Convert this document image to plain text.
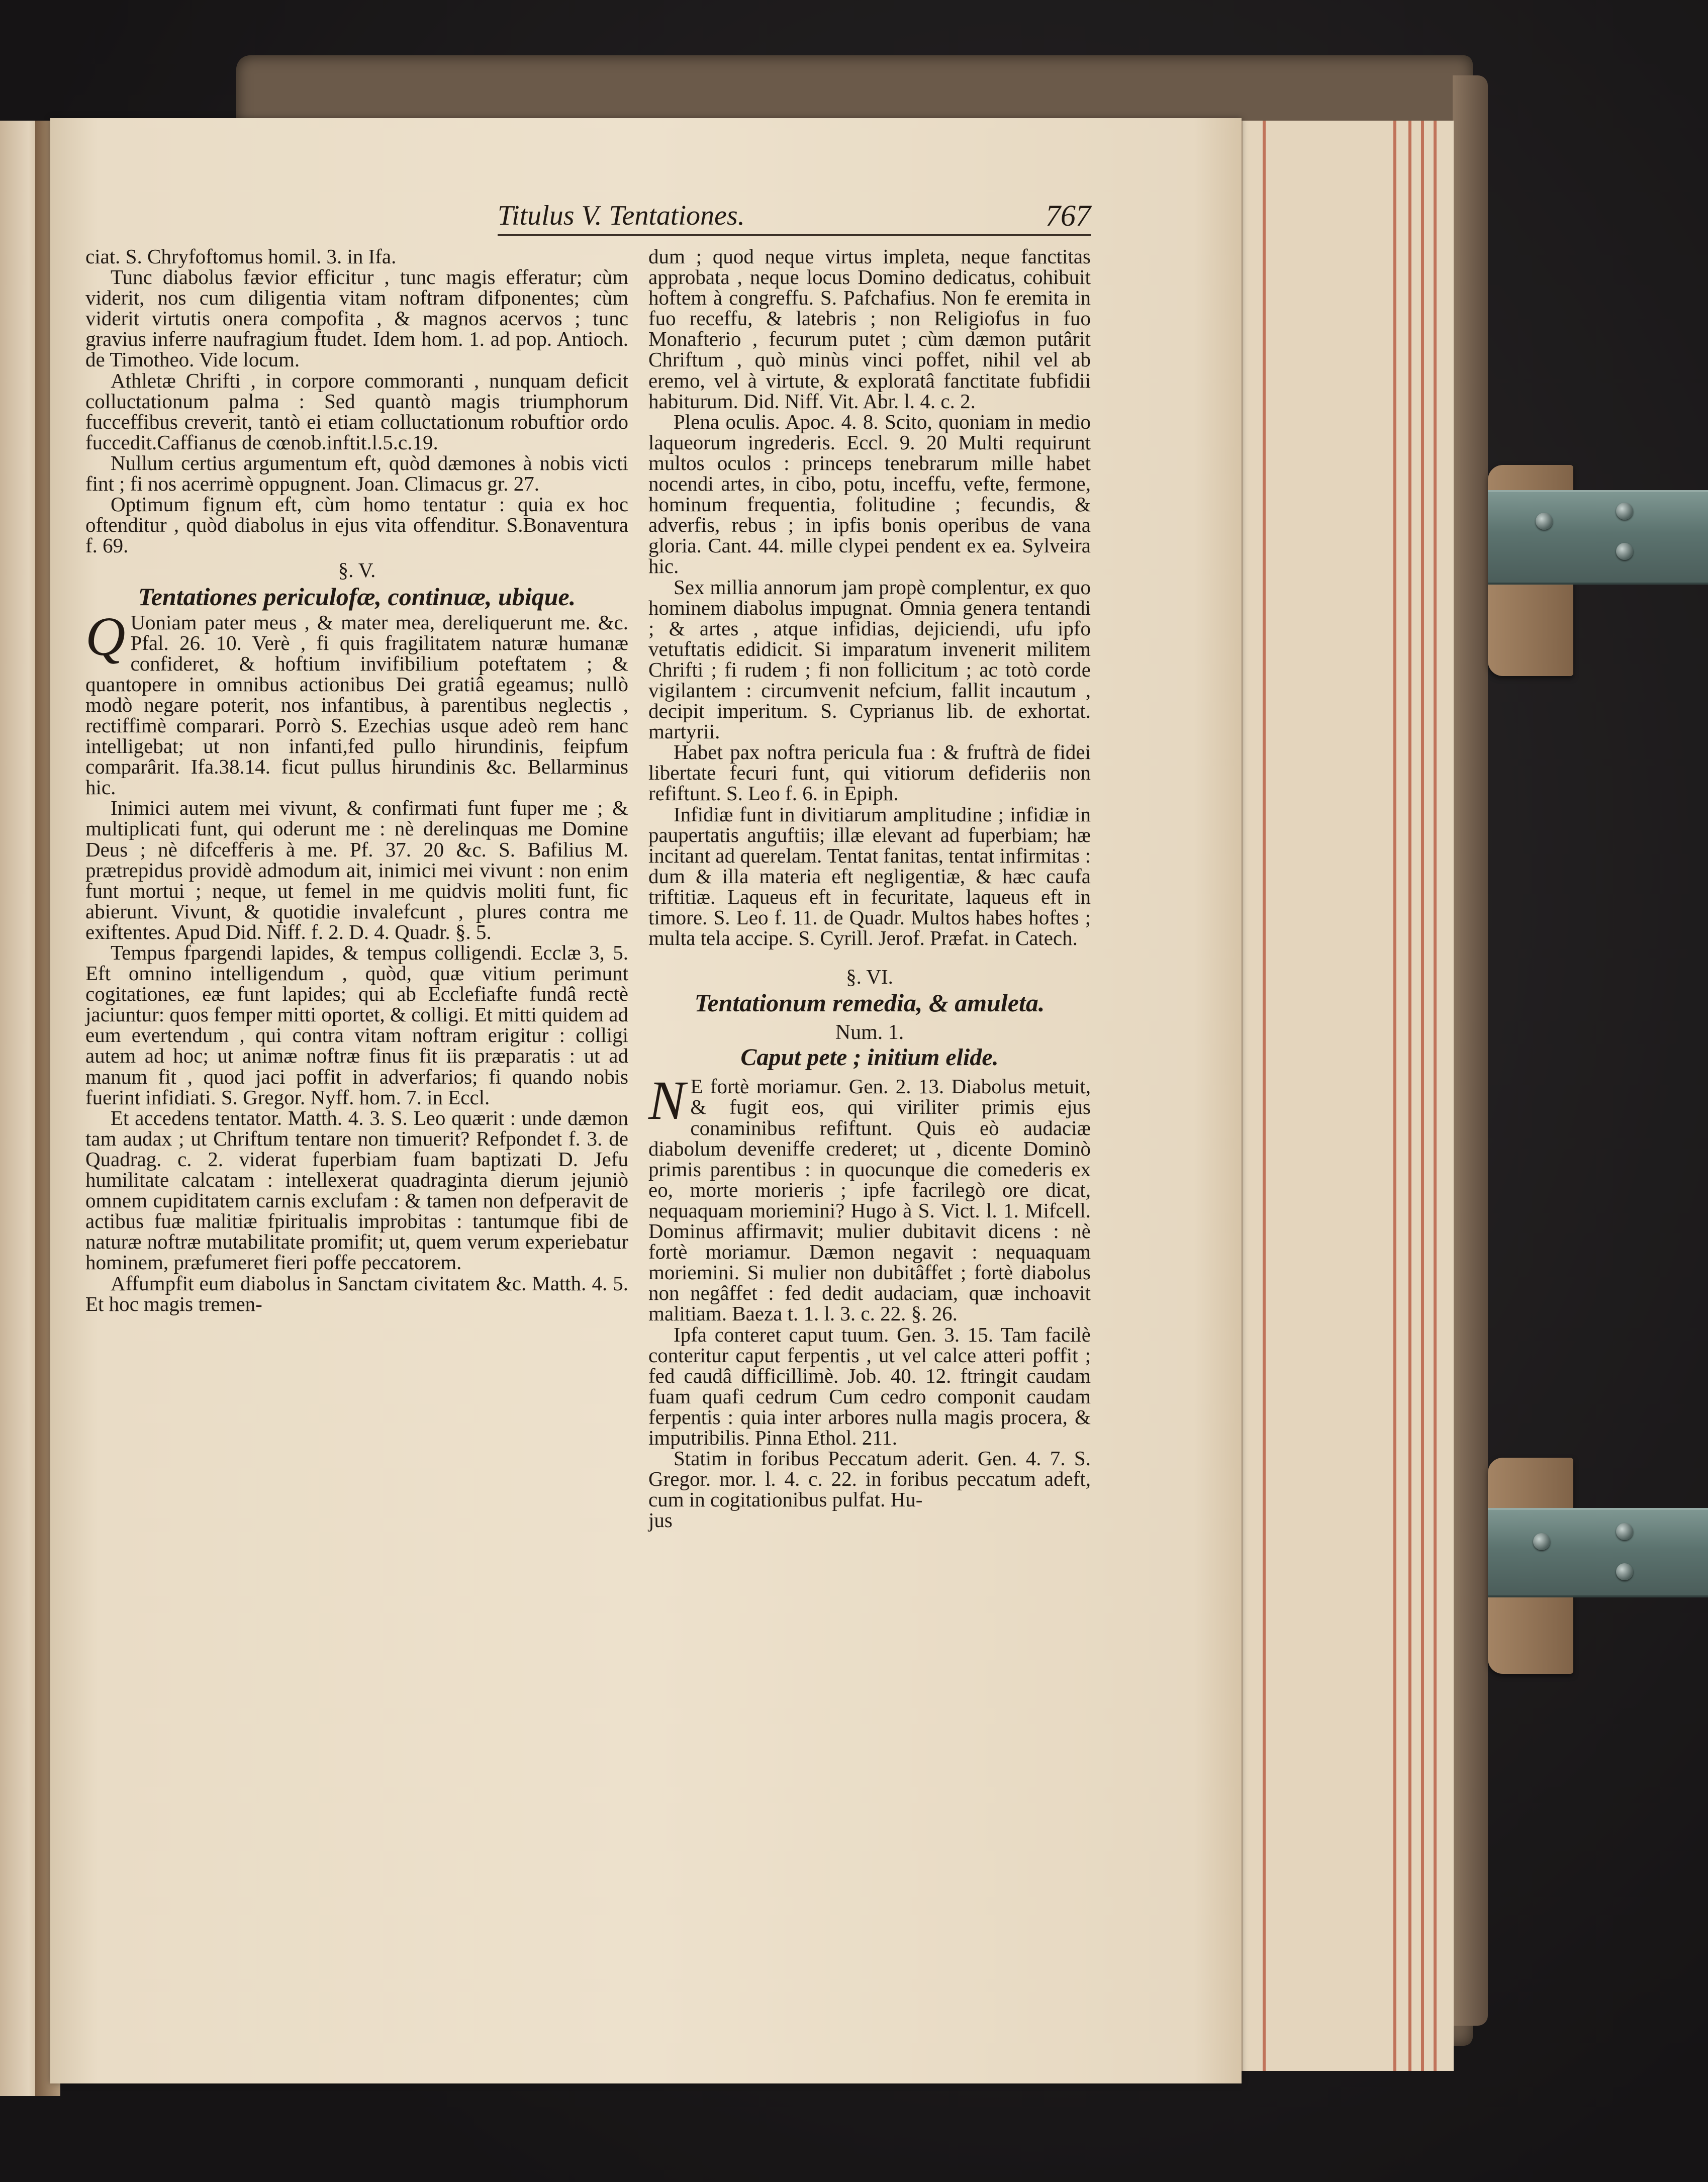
Titulus V. Tentationes.	767

ciat. S. Chryfoftomus homil. 3. in Ifa.

Tunc diabolus fævior efficitur , tunc magis efferatur; cùm viderit, nos cum diligentia vitam noftram difponentes; cùm viderit virtutis onera compofita , & magnos acervos ; tunc gravius inferre naufragium ftudet. Idem hom. 1. ad pop. Antioch. de Timotheo. Vide locum.

Athletæ Chrifti , in corpore commoranti , nunquam deficit colluctationum palma : Sed quantò magis triumphorum fucceffibus creverit, tantò ei etiam colluctationum robuftior ordo fuccedit.Caffianus de cœnob.inftit.l.5.c.19.

Nullum certius argumentum eft, quòd dæmones à nobis victi fint ; fi nos acerrimè oppugnent. Joan. Climacus gr. 27.

Optimum fignum eft, cùm homo tentatur : quia ex hoc oftenditur , quòd diabolus in ejus vita offenditur. S.Bonaventura f. 69.

§. V.
Tentationes periculofæ, continuæ, ubique.

Q Uoniam pater meus , & mater mea, dereliquerunt me. &c. Pfal. 26. 10. Verè , fi quis fragilitatem naturæ humanæ confideret, & hoftium invifibilium poteftatem ; & quantopere in omnibus actionibus Dei gratiâ egeamus; nullò modò negare poterit, nos infantibus, à parentibus neglectis , rectiffimè comparari. Porrò S. Ezechias usque adeò rem hanc intelligebat; ut non infanti,fed pullo hirundinis, feipfum comparârit. Ifa.38.14. ficut pullus hirundinis &c. Bellarminus hic.

Inimici autem mei vivunt, & confirmati funt fuper me ; & multiplicati funt, qui oderunt me : nè derelinquas me Domine Deus ; nè difcefferis à me. Pf. 37. 20 &c. S. Bafilius M. prætrepidus providè admodum ait, inimici mei vivunt : non enim funt mortui ; neque, ut femel in me quidvis moliti funt, fic abierunt. Vivunt, & quotidie invalefcunt , plures contra me exiftentes. Apud Did. Niff. f. 2. D. 4. Quadr. §. 5.

Tempus fpargendi lapides, & tempus colligendi. Ecclæ 3, 5. Eft omnino intelligendum , quòd, quæ vitium perimunt cogitationes, eæ funt lapides; qui ab Ecclefiafte fundâ rectè jaciuntur: quos femper mitti oportet, & colligi. Et mitti quidem ad eum evertendum , qui contra vitam noftram erigitur : colligi autem ad hoc; ut animæ noftræ finus fit iis præparatis : ut ad manum fit , quod jaci poffit in adverfarios; fi quando nobis fuerint infidiati. S. Gregor. Nyff. hom. 7. in Eccl.

Et accedens tentator. Matth. 4. 3. S. Leo quærit : unde dæmon tam audax ; ut Chriftum tentare non timuerit? Refpondet f. 3. de Quadrag. c. 2. viderat fuperbiam fuam baptizati D. Jefu humilitate calcatam : intellexerat quadraginta dierum jejuniò omnem cupiditatem carnis exclufam : & tamen non defperavit de actibus fuæ malitiæ fpiritualis improbitas : tantumque fibi de naturæ noftræ mutabilitate promifit; ut, quem verum experiebatur hominem, præfumeret fieri poffe peccatorem.

Affumpfit eum diabolus in Sanctam civitatem &c. Matth. 4. 5. Et hoc magis tremen-

dum ; quod neque virtus impleta, neque fanctitas approbata , neque locus Domino dedicatus, cohibuit hoftem à congreffu. S. Pafchafius. Non fe eremita in fuo receffu, & latebris ; non Religiofus in fuo Monafterio , fecurum putet ; cùm dæmon putârit Chriftum , quò minùs vinci poffet, nihil vel ab eremo, vel à virtute, & exploratâ fanctitate fubfidii habiturum. Did. Niff. Vit. Abr. l. 4. c. 2.

Plena oculis. Apoc. 4. 8. Scito, quoniam in medio laqueorum ingrederis. Eccl. 9. 20 Multi requirunt multos oculos : princeps tenebrarum mille habet nocendi artes, in cibo, potu, inceffu, vefte, fermone, hominum frequentia, folitudine ; fecundis, & adverfis, rebus ; in ipfis bonis operibus de vana gloria. Cant. 44. mille clypei pendent ex ea. Sylveira hic.

Sex millia annorum jam propè complentur, ex quo hominem diabolus impugnat. Omnia genera tentandi ; & artes , atque infidias, dejiciendi, ufu ipfo vetuftatis edidicit. Si imparatum invenerit militem Chrifti ; fi rudem ; fi non follicitum ; ac totò corde vigilantem : circumvenit nefcium, fallit incautum , decipit imperitum. S. Cyprianus lib. de exhortat. martyrii.

Habet pax noftra pericula fua : & fruftrà de fidei libertate fecuri funt, qui vitiorum defideriis non refiftunt. S. Leo f. 6. in Epiph.

Infidiæ funt in divitiarum amplitudine ; infidiæ in paupertatis anguftiis; illæ elevant ad fuperbiam; hæ incitant ad querelam. Tentat fanitas, tentat infirmitas : dum & illa materia eft negligentiæ, & hæc caufa triftitiæ. Laqueus eft in fecuritate, laqueus eft in timore. S. Leo f. 11. de Quadr. Multos habes hoftes ; multa tela accipe. S. Cyrill. Jerof. Præfat. in Catech.

§. VI.
Tentationum remedia, & amuleta.
Num. 1.
Caput pete ; initium elide.

N E fortè moriamur. Gen. 2. 13. Diabolus metuit, & fugit eos, qui viriliter primis ejus conaminibus refiftunt. Quis eò audaciæ diabolum deveniffe crederet; ut , dicente Dominò primis parentibus : in quocunque die comederis ex eo, morte morieris ; ipfe facrilegò ore dicat, nequaquam moriemini? Hugo à S. Vict. l. 1. Mifcell. Dominus affirmavit; mulier dubitavit dicens : nè fortè moriamur. Dæmon negavit : nequaquam moriemini. Si mulier non dubitâffet ; fortè diabolus non negâffet : fed dedit audaciam, quæ inchoavit malitiam. Baeza t. 1. l. 3. c. 22. §. 26.

Ipfa conteret caput tuum. Gen. 3. 15. Tam facilè conteritur caput ferpentis , ut vel calce atteri poffit ; fed caudâ difficillimè. Job. 40. 12. ftringit caudam fuam quafi cedrum Cum cedro componit caudam ferpentis : quia inter arbores nulla magis procera, & imputribilis. Pinna Ethol. 211.

Statim in foribus Peccatum aderit. Gen. 4. 7. S. Gregor. mor. l. 4. c. 22. in foribus peccatum adeft, cum in cogitationibus pulfat. Hu-

jus
